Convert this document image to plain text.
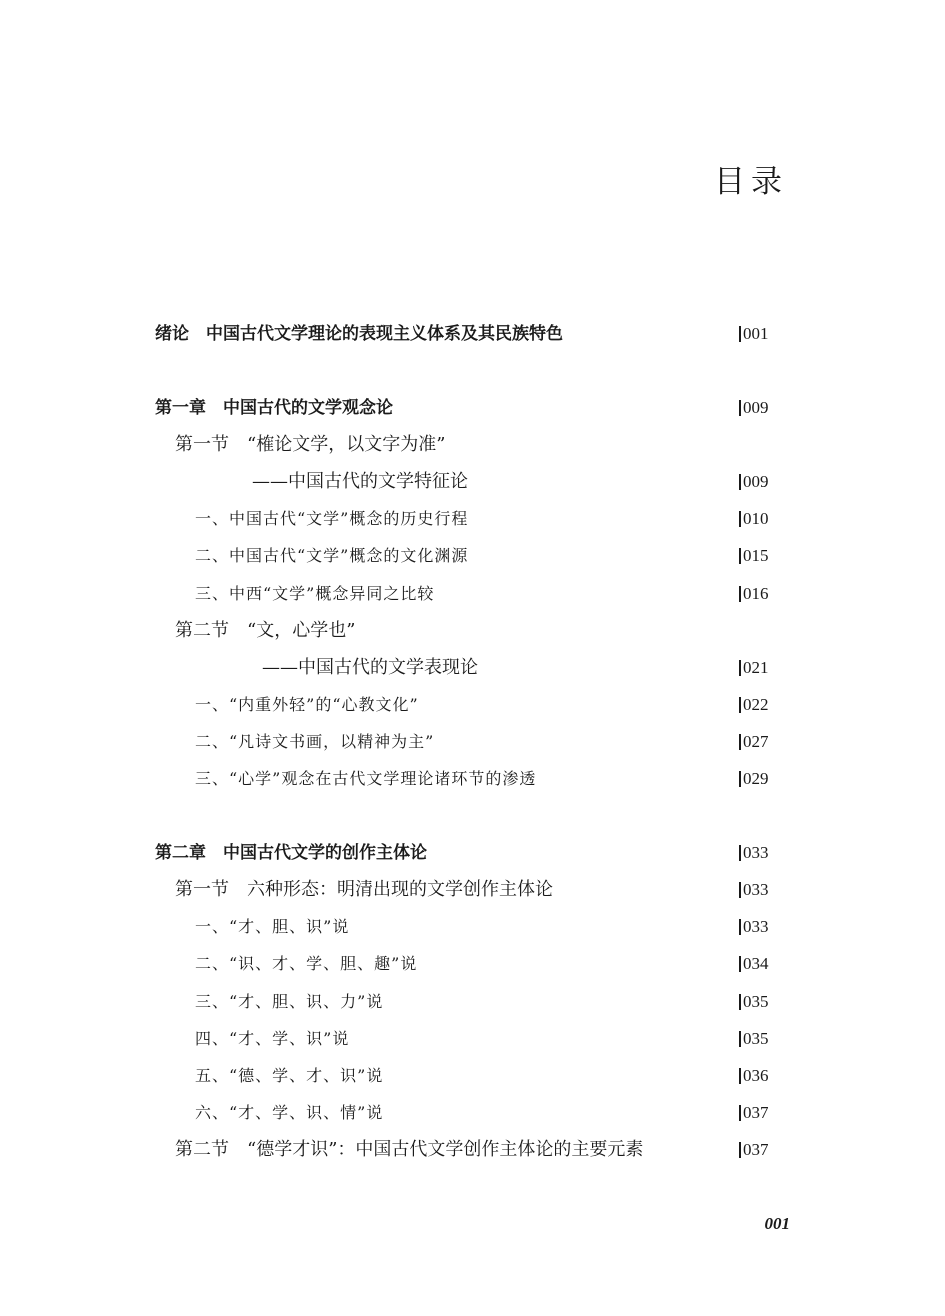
目录
绪论　中国古代文学理论的表现主义体系及其民族特色	001
第一章　中国古代的文学观念论	009
第一节　“榷论文学，以文字为准”
——中国古代的文学特征论	009
一、中国古代“文学”概念的历史行程	010
二、中国古代“文学”概念的文化渊源	015
三、中西“文学”概念异同之比较	016
第二节　“文，心学也”
——中国古代的文学表现论	021
一、“内重外轻”的“心教文化”	022
二、“凡诗文书画，以精神为主”	027
三、“心学”观念在古代文学理论诸环节的渗透	029
第二章　中国古代文学的创作主体论	033
第一节　六种形态：明清出现的文学创作主体论	033
一、“才、胆、识”说	033
二、“识、才、学、胆、趣”说	034
三、“才、胆、识、力”说	035
四、“才、学、识”说	035
五、“德、学、才、识”说	036
六、“才、学、识、情”说	037
第二节　“德学才识”：中国古代文学创作主体论的主要元素	037
001
